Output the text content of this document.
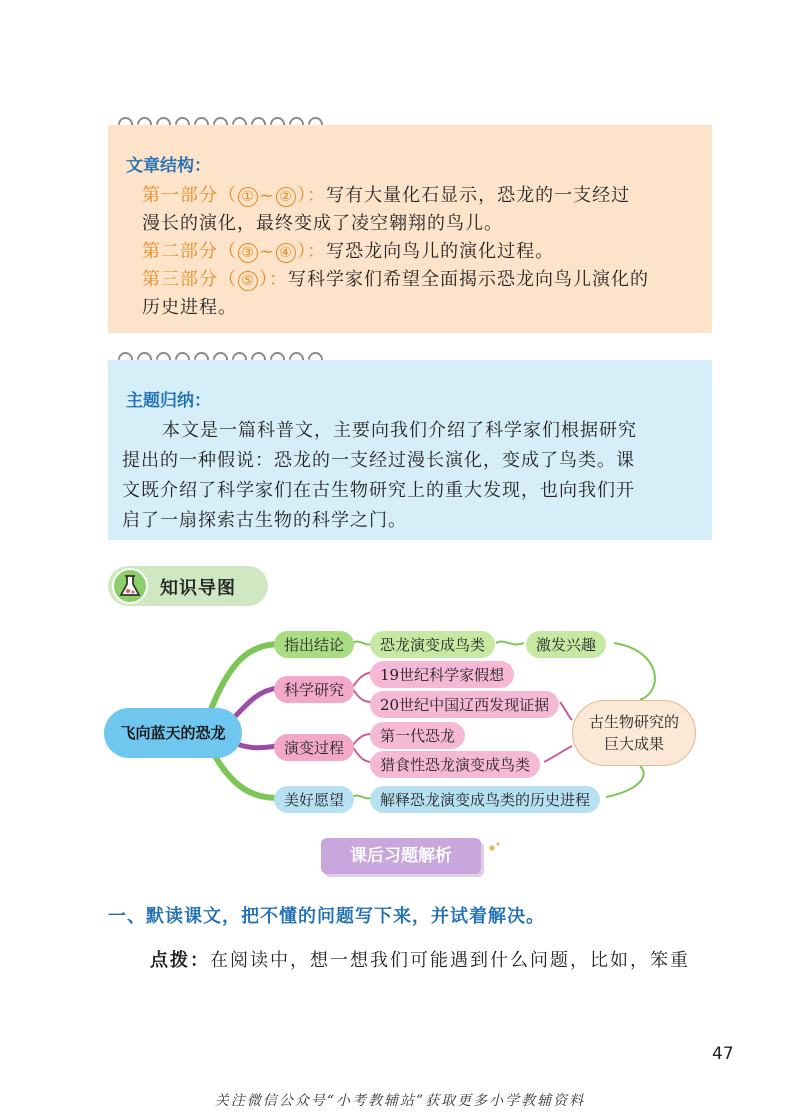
文章结构：
第一部分（ ① ~ ② ）：写有大量化石显示，恐龙的一支经过
漫长的演化，最终变成了凌空翱翔的鸟儿。
第二部分（ ③ ~ ④ ）：写恐龙向鸟儿的演化过程。
第三部分（ ⑤ ）：写科学家们希望全面揭示恐龙向鸟儿演化的
历史进程。
主题归纳：
本文是一篇科普文，主要向我们介绍了科学家们根据研究
提出的一种假说：恐龙的一支经过漫长演化，变成了鸟类。课
文既介绍了科学家们在古生物研究上的重大发现，也向我们开
启了一扇探索古生物的科学之门。
知识导图
飞向蓝天的恐龙
指出结论	恐龙演变成鸟类	激发兴趣
科学研究
19世纪科学家假想
20世纪中国辽西发现证据
演变过程
第一代恐龙
猎食性恐龙演变成鸟类
美好愿望	解释恐龙演变成鸟类的历史进程
古生物研究的
巨大成果
课后习题解析
一、默读课文，把不懂的问题写下来，并试着解决。
点拨：在阅读中，想一想我们可能遇到什么问题，比如，笨重
47
关注微信公众号“小考教辅站”获取更多小学教辅资料
